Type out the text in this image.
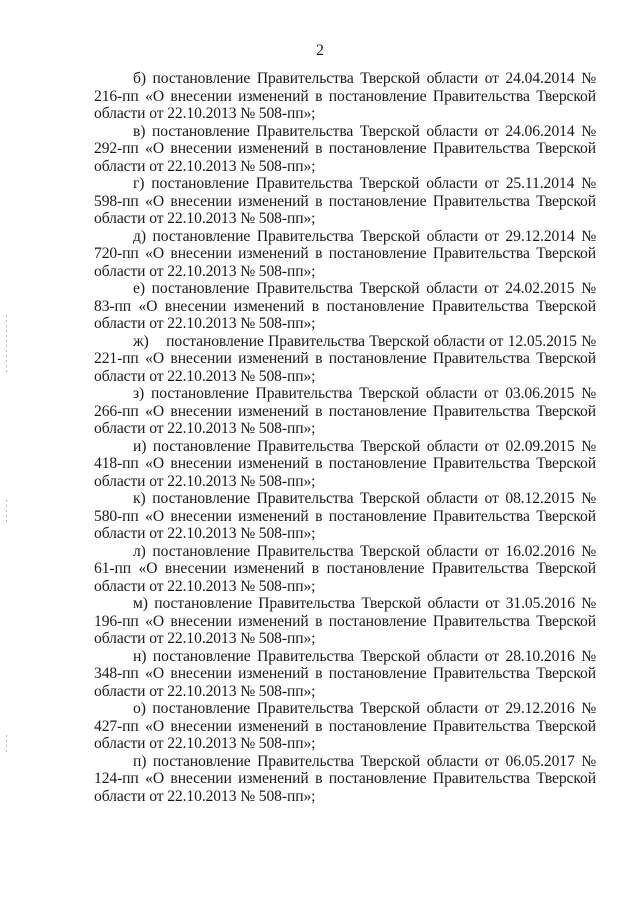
2

б) постановление Правительства Тверской области от 24.04.2014 № 216-пп «О внесении изменений в постановление Правительства Тверской области от 22.10.2013 № 508-пп»;

в) постановление Правительства Тверской области от 24.06.2014 № 292-пп «О внесении изменений в постановление Правительства Тверской области от 22.10.2013 № 508-пп»;

г) постановление Правительства Тверской области от 25.11.2014 № 598-пп «О внесении изменений в постановление Правительства Тверской области от 22.10.2013 № 508-пп»;

д) постановление Правительства Тверской области от 29.12.2014 № 720-пп «О внесении изменений в постановление Правительства Тверской области от 22.10.2013 № 508-пп»;

е) постановление Правительства Тверской области от 24.02.2015 № 83-пп «О внесении изменений в постановление Правительства Тверской области от 22.10.2013 № 508-пп»;

ж) постановление Правительства Тверской области от 12.05.2015 № 221-пп «О внесении изменений в постановление Правительства Тверской области от 22.10.2013 № 508-пп»;

з) постановление Правительства Тверской области от 03.06.2015 № 266-пп «О внесении изменений в постановление Правительства Тверской области от 22.10.2013 № 508-пп»;

и) постановление Правительства Тверской области от 02.09.2015 № 418-пп «О внесении изменений в постановление Правительства Тверской области от 22.10.2013 № 508-пп»;

к) постановление Правительства Тверской области от 08.12.2015 № 580-пп «О внесении изменений в постановление Правительства Тверской области от 22.10.2013 № 508-пп»;

л) постановление Правительства Тверской области от 16.02.2016 № 61-пп «О внесении изменений в постановление Правительства Тверской области от 22.10.2013 № 508-пп»;

м) постановление Правительства Тверской области от 31.05.2016 № 196-пп «О внесении изменений в постановление Правительства Тверской области от 22.10.2013 № 508-пп»;

н) постановление Правительства Тверской области от 28.10.2016 № 348-пп «О внесении изменений в постановление Правительства Тверской области от 22.10.2013 № 508-пп»;

о) постановление Правительства Тверской области от 29.12.2016 № 427-пп «О внесении изменений в постановление Правительства Тверской области от 22.10.2013 № 508-пп»;

п) постановление Правительства Тверской области от 06.05.2017 № 124-пп «О внесении изменений в постановление Правительства Тверской области от 22.10.2013 № 508-пп»;
